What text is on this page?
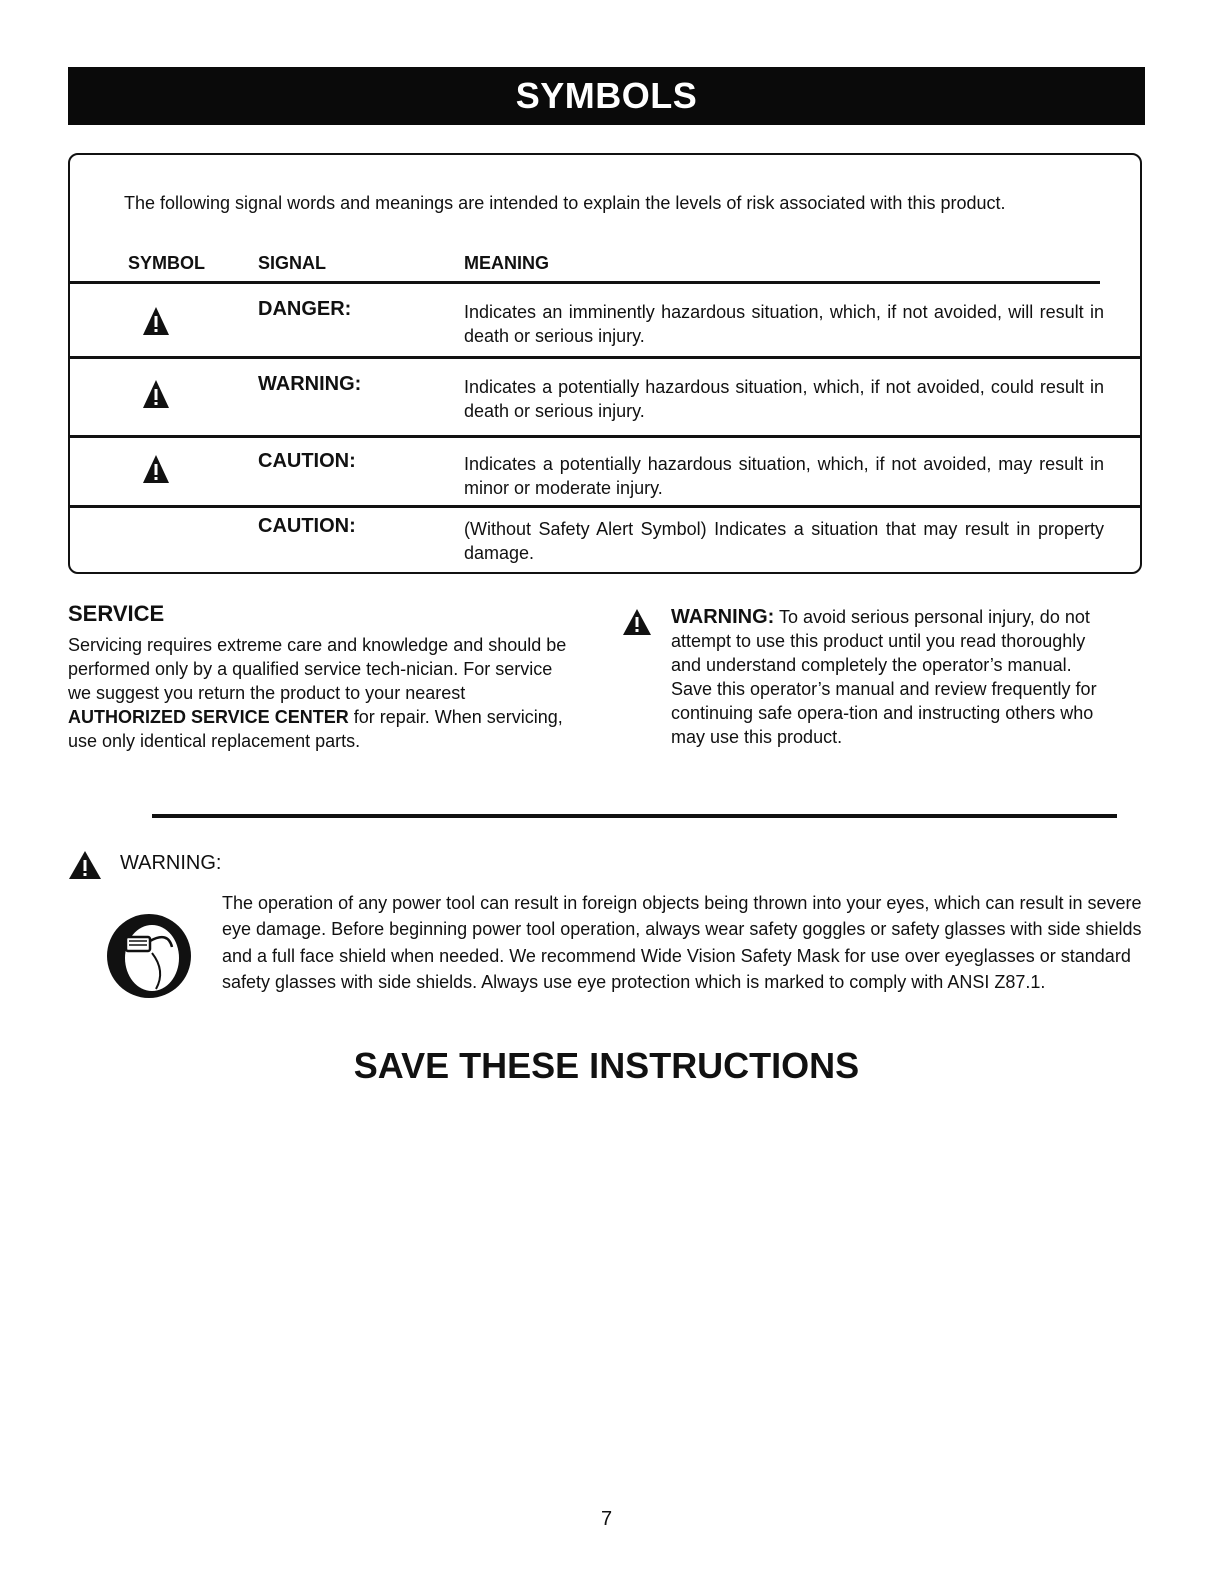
SYMBOLS
The following signal words and meanings are intended to explain the levels of risk associated with this product.
SYMBOL	SIGNAL	MEANING
DANGER:	Indicates an imminently hazardous situation, which, if not avoided, will result in death or serious injury.
WARNING:	Indicates a potentially hazardous situation, which, if not avoided, could result in death or serious injury.
CAUTION:	Indicates a potentially hazardous situation, which, if not avoided, may result in minor or moderate injury.
CAUTION:	(Without Safety Alert Symbol) Indicates a situation that may result in property damage.
SERVICE
Servicing requires extreme care and knowledge and should be performed only by a qualified service tech-nician. For service we suggest you return the product to your nearest AUTHORIZED SERVICE CENTER for repair. When servicing, use only identical replacement parts.
WARNING: To avoid serious personal injury, do not attempt to use this product until you read thoroughly and understand completely the operator’s manual. Save this operator’s manual and review frequently for continuing safe opera-tion and instructing others who may use this product.
WARNING:
The operation of any power tool can result in foreign objects being thrown into your eyes, which can result in severe eye damage. Before beginning power tool operation, always wear safety goggles or safety glasses with side shields and a full face shield when needed. We recommend Wide Vision Safety Mask for use over eyeglasses or standard safety glasses with side shields. Always use eye protection which is marked to comply with ANSI Z87.1.
SAVE THESE INSTRUCTIONS
7
